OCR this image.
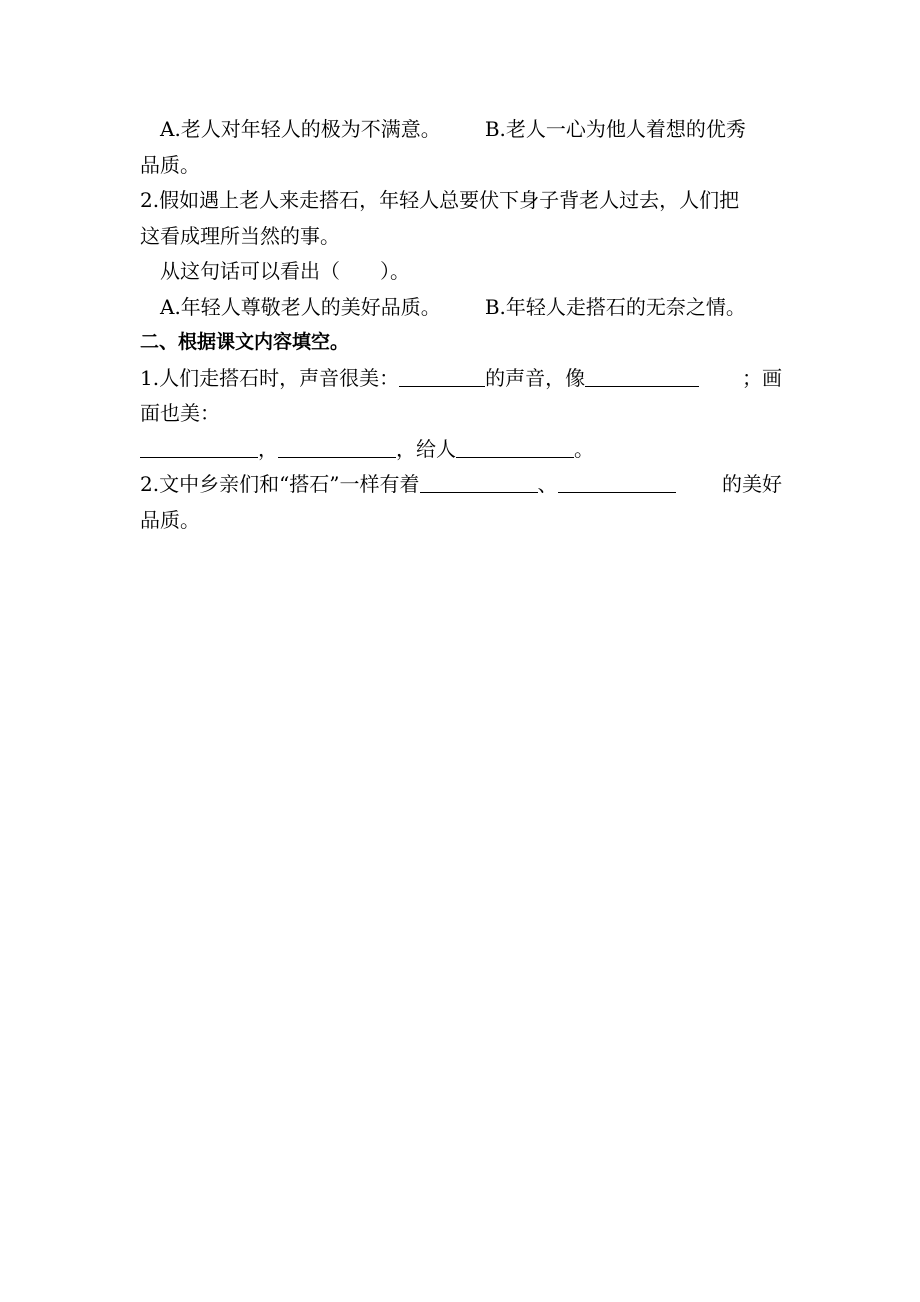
A.老人对年轻人的极为不满意。 B.老人一心为他人着想的优秀
品质。
2.假如遇上老人来走搭石，年轻人总要伏下身子背老人过去，人们把
这看成理所当然的事。
从这句话可以看出（ ）。
A.年轻人尊敬老人的美好品质。 B.年轻人走搭石的无奈之情。
二、根据课文内容填空。
1.人们走搭石时，声音很美：	的声音，像	；画
面也美：
，	，给人	。
2.文中乡亲们和“搭石”一样有着	、	的美好
品质。
